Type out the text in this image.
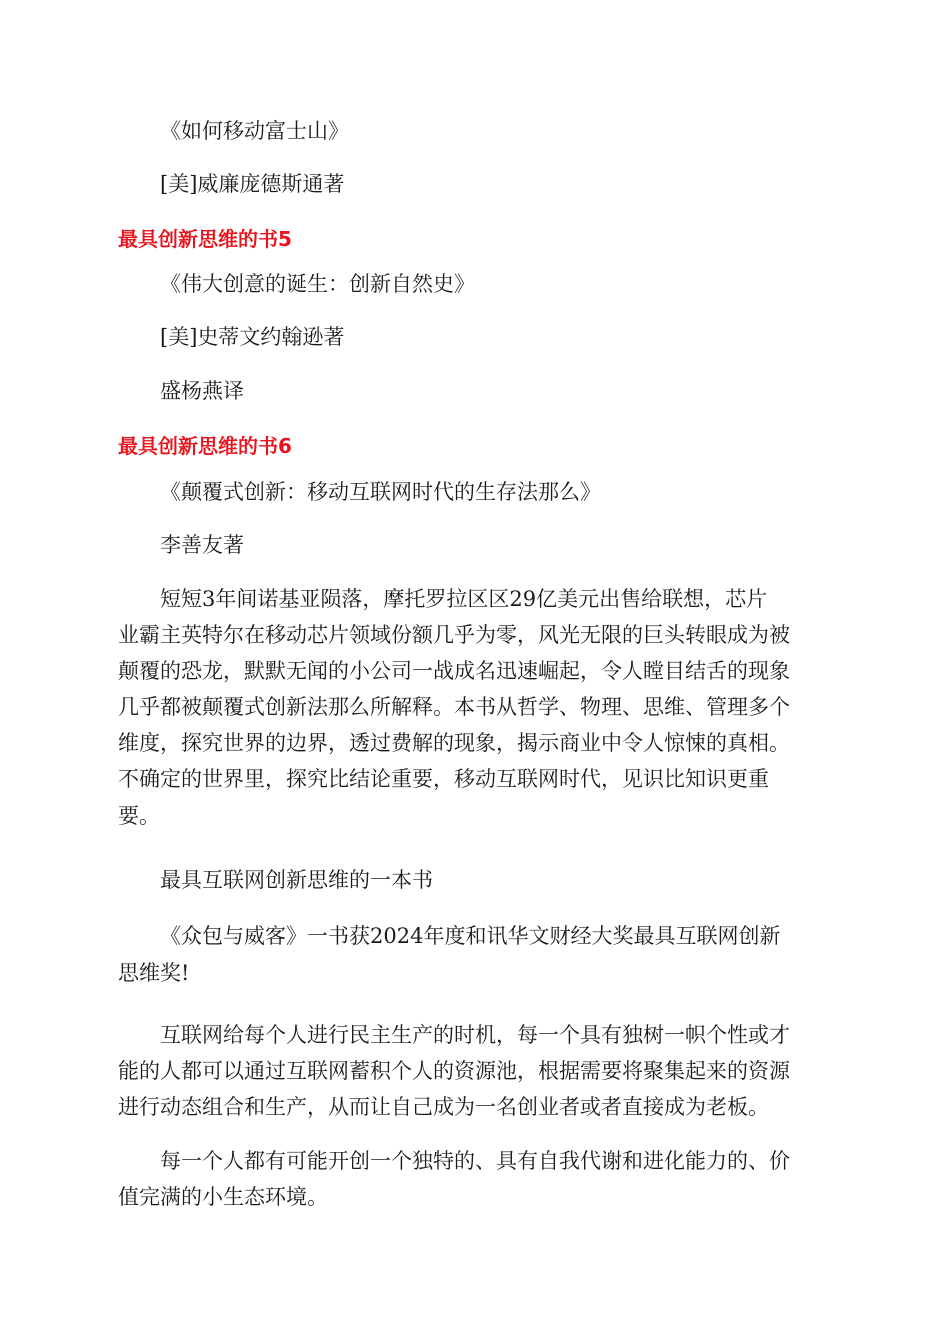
《如何移动富士山》
[美]威廉庞德斯通著
最具创新思维的书5
《伟大创意的诞生：创新自然史》
[美]史蒂文约翰逊著
盛杨燕译
最具创新思维的书6
《颠覆式创新：移动互联网时代的生存法那么》
李善友著
短短3年间诺基亚陨落，摩托罗拉区区29亿美元出售给联想，芯片
业霸主英特尔在移动芯片领域份额几乎为零，风光无限的巨头转眼成为被
颠覆的恐龙，默默无闻的小公司一战成名迅速崛起，令人瞠目结舌的现象
几乎都被颠覆式创新法那么所解释。本书从哲学、物理、思维、管理多个
维度，探究世界的边界，透过费解的现象，揭示商业中令人惊悚的真相。
不确定的世界里，探究比结论重要，移动互联网时代，见识比知识更重
要。
最具互联网创新思维的一本书
《众包与威客》一书获2024年度和讯华文财经大奖最具互联网创新
思维奖!
互联网给每个人进行民主生产的时机，每一个具有独树一帜个性或才
能的人都可以通过互联网蓄积个人的资源池，根据需要将聚集起来的资源
进行动态组合和生产，从而让自己成为一名创业者或者直接成为老板。
每一个人都有可能开创一个独特的、具有自我代谢和进化能力的、价
值完满的小生态环境。
